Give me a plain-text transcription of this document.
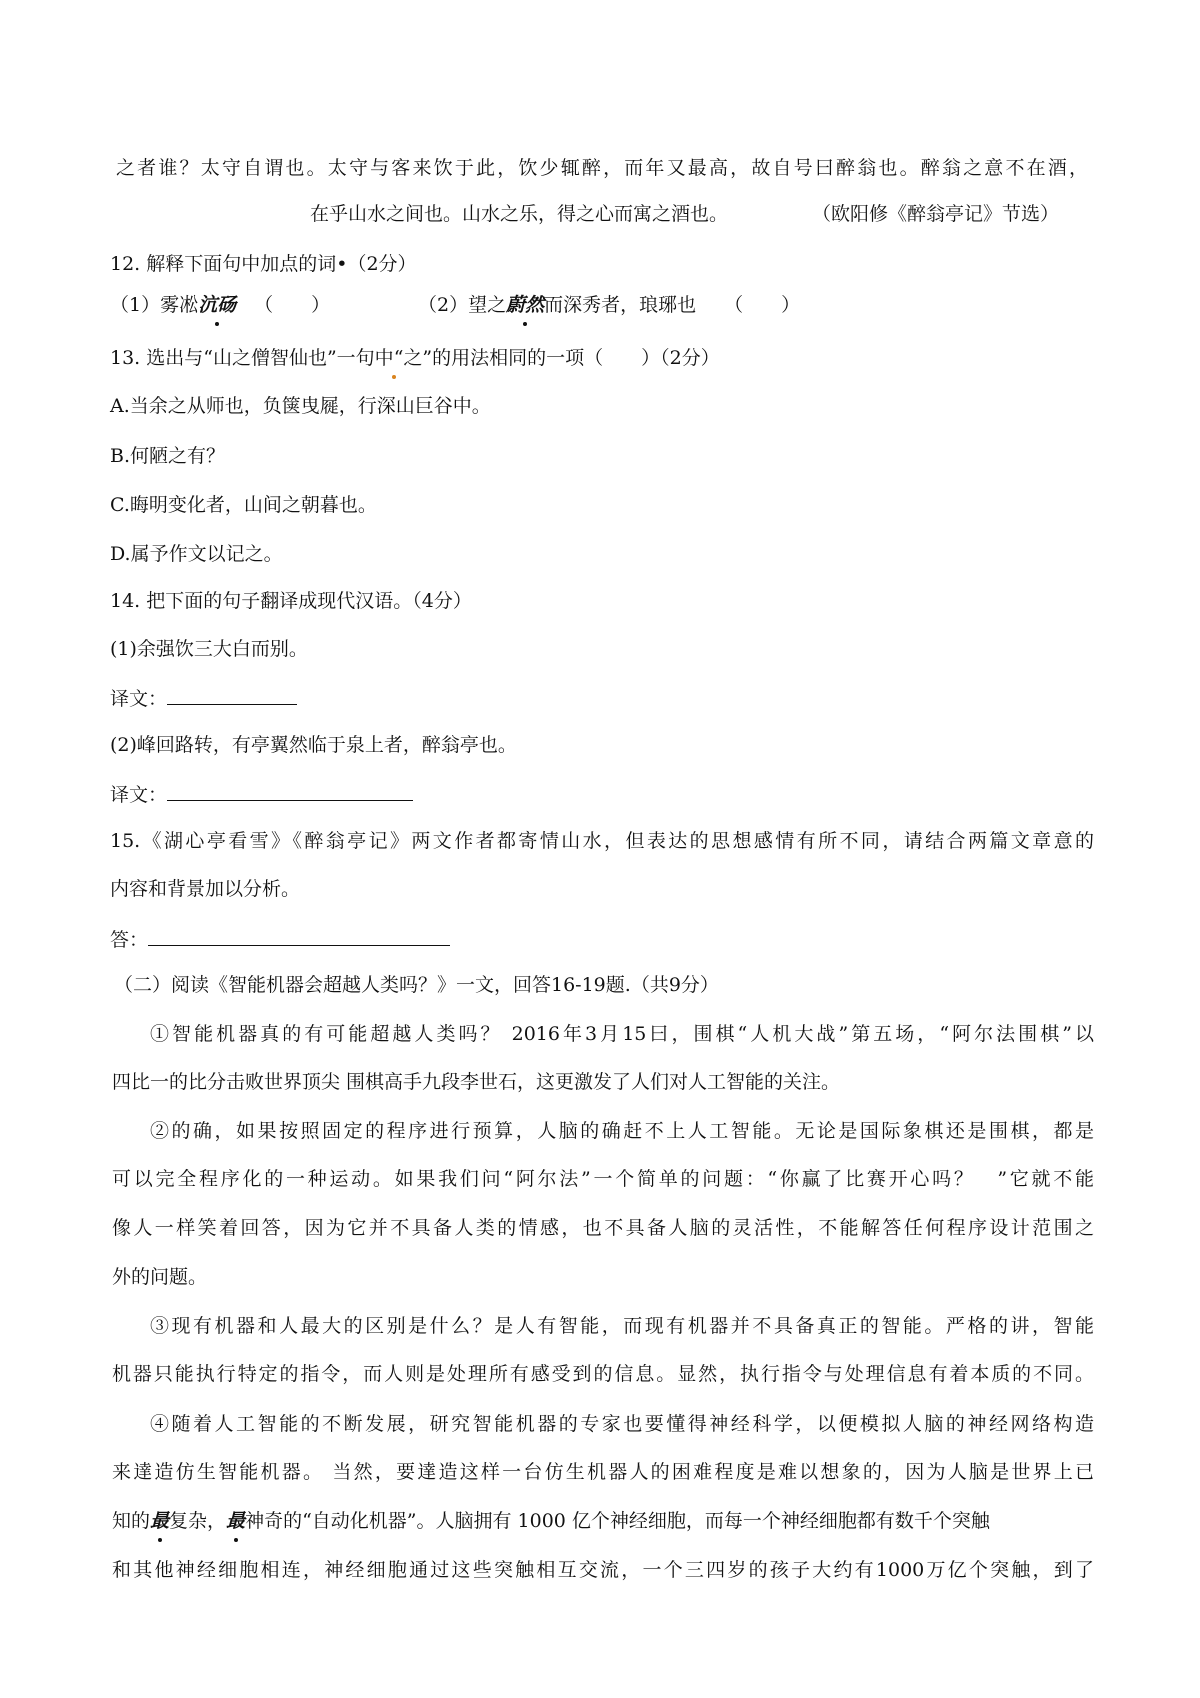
之者谁？太守自谓也。太守与客来饮于此，饮少辄醉，而年又最高，故自号曰醉翁也。醉翁之意不在酒，
在乎山水之间也。山水之乐，得之心而寓之酒也。	（欧阳修《醉翁亭记》节选）
12. 解释下面句中加点的词•（2分）
（1）雾凇沆砀 （　　）	（2）望之蔚然而深秀者，琅琊也 （　　）
13. 选出与“山之僧智仙也”一句中“之”的用法相同的一项（　　）（2分）
A.当余之从师也，负箧曳屣，行深山巨谷中。
B.何陋之有？
C.晦明变化者，山间之朝暮也。
D.属予作文以记之。
14. 把下面的句子翻译成现代汉语。（4分）
(1)余强饮三大白而别。
译文：
(2)峰回路转，有亭翼然临于泉上者，醉翁亭也。
译文：
15.《湖心亭看雪》《醉翁亭记》两文作者都寄情山水，但表达的思想感情有所不同，请结合两篇文章意的
内容和背景加以分析。
答：
（二）阅读《智能机器会超越人类吗？》一文，回答16-19题.（共9分）
①智能机器真的有可能超越人类吗？ 2016年3月15曰，围棋“人机大战”第五场，“阿尔法围棋”以
四比一的比分击败世界顶尖 围棋高手九段李世石，这更激发了人们对人工智能的关注。
②的确，如果按照固定的程序进行预算，人脑的确赶不上人工智能。无论是国际象棋还是围棋，都是
可以完全程序化的一种运动。如果我们问“阿尔法”一个简单的问题：“你赢了比赛开心吗？　”它就不能
像人一样笑着回答，因为它并不具备人类的情感，也不具备人脑的灵活性，不能解答任何程序设计范围之
外的问题。
③现有机器和人最大的区别是什么？是人有智能，而现有机器并不具备真正的智能。严格的讲，智能
机器只能执行特定的指令，而人则是处理所有感受到的信息。显然，执行指令与处理信息有着本质的不同。
④随着人工智能的不断发展，研究智能机器的专家也要懂得神经科学，以便模拟人脑的神经网络构造
来達造仿生智能机器。 当然，要達造这样一台仿生机器人的困难程度是难以想象的，因为人脑是世界上已
知的最复杂，最神奇的“自动化机器”。人脑拥有 1000 亿个神经细胞，而每一个神经细胞都有数千个突触
和其他神经细胞相连，神经细胞通过这些突触相互交流，一个三四岁的孩子大约有1000万亿个突触，到了
